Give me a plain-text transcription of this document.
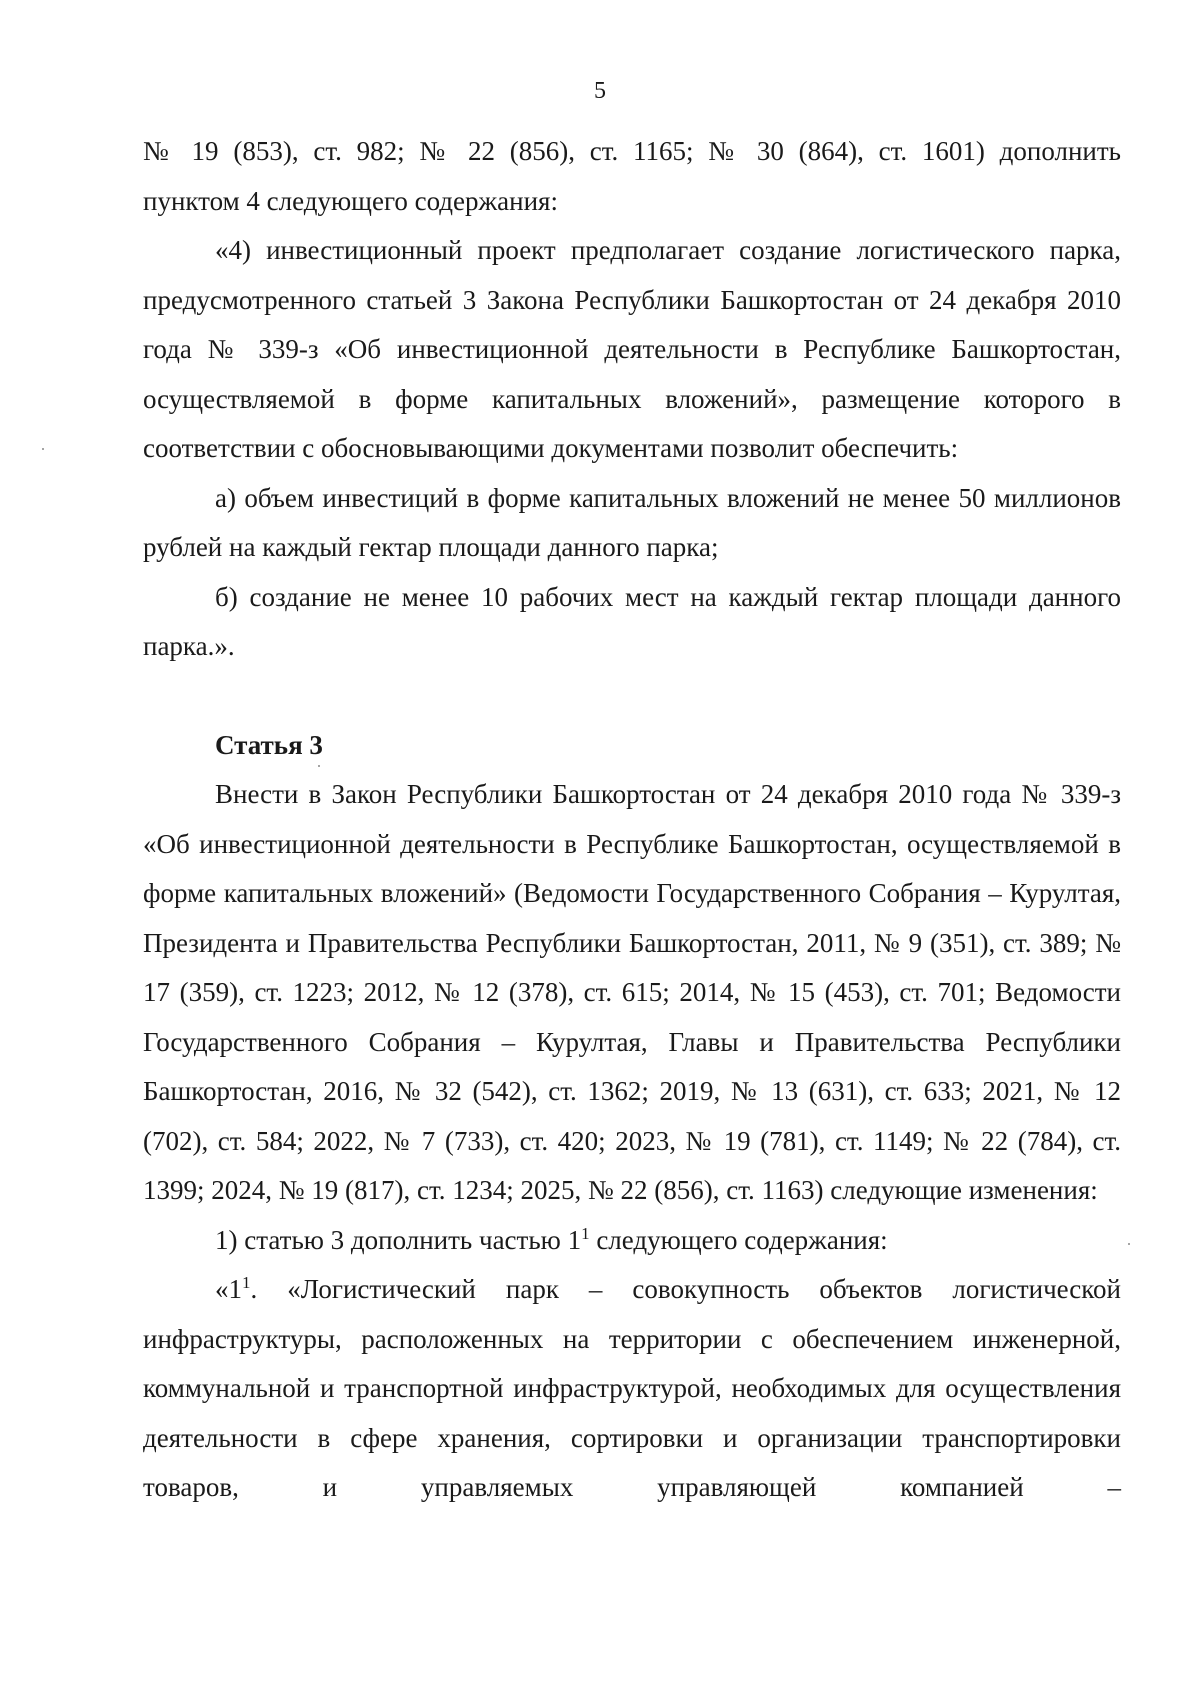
5

№ 19 (853), ст. 982; № 22 (856), ст. 1165; № 30 (864), ст. 1601) дополнить

пунктом 4 следующего содержания:

«4) инвестиционный проект предполагает создание логистического парка, предусмотренного статьей 3 Закона Республики Башкортостан от 24 декабря 2010 года № 339-з «Об инвестиционной деятельности в Республике Башкортостан, осуществляемой в форме капитальных вложений», размещение которого в соответствии с обосновывающими документами позволит обеспечить:

а) объем инвестиций в форме капитальных вложений не менее 50 миллионов рублей на каждый гектар площади данного парка;

б) создание не менее 10 рабочих мест на каждый гектар площади данного парка.».

Статья 3

Внести в Закон Республики Башкортостан от 24 декабря 2010 года № 339-з «Об инвестиционной деятельности в Республике Башкортостан, осуществляемой в форме капитальных вложений» (Ведомости Государственного Собрания – Курултая, Президента и Правительства Республики Башкортостан, 2011, № 9 (351), ст. 389; № 17 (359), ст. 1223; 2012, № 12 (378), ст. 615; 2014, № 15 (453), ст. 701; Ведомости Государственного Собрания – Курултая, Главы и Правительства Республики Башкортостан, 2016, № 32 (542), ст. 1362; 2019, № 13 (631), ст. 633; 2021, № 12 (702), ст. 584; 2022, № 7 (733), ст. 420; 2023, № 19 (781), ст. 1149; № 22 (784), ст. 1399; 2024, № 19 (817), ст. 1234; 2025, № 22 (856), ст. 1163) следующие изменения:

1) статью 3 дополнить частью $1^1$ следующего содержания:

«$1^1$. «Логистический парк – совокупность объектов логистической инфраструктуры, расположенных на территории с обеспечением инженерной, коммунальной и транспортной инфраструктурой, необходимых для осуществления деятельности в сфере хранения, сортировки и организации транспортировки товаров, и управляемых управляющей компанией –
